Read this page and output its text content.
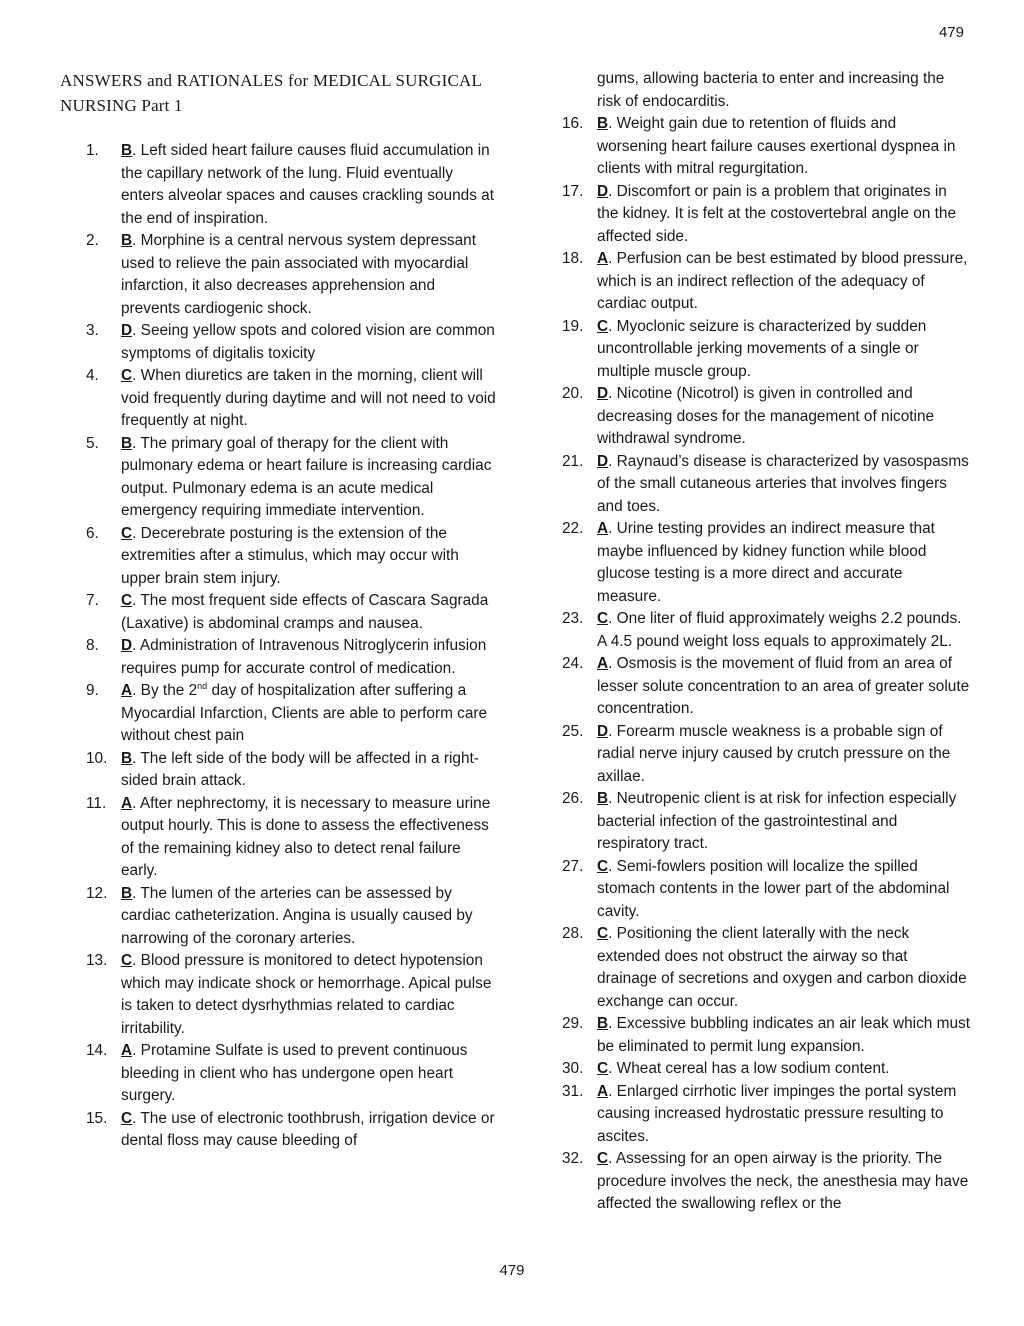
479
ANSWERS and RATIONALES for MEDICAL SURGICAL
NURSING Part 1
1.	B. Left sided heart failure causes fluid accumulation in the capillary network of the lung. Fluid eventually enters alveolar spaces and causes crackling sounds at the end of inspiration.
2.	B. Morphine is a central nervous system depressant used to relieve the pain associated with myocardial infarction, it also decreases apprehension and prevents cardiogenic shock.
3.	D. Seeing yellow spots and colored vision are common symptoms of digitalis toxicity
4.	C. When diuretics are taken in the morning, client will void frequently during daytime and will not need to void frequently at night.
5.	B. The primary goal of therapy for the client with pulmonary edema or heart failure is increasing cardiac output. Pulmonary edema is an acute medical emergency requiring immediate intervention.
6.	C. Decerebrate posturing is the extension of the extremities after a stimulus, which may occur with upper brain stem injury.
7.	C. The most frequent side effects of Cascara Sagrada (Laxative) is abdominal cramps and nausea.
8.	D. Administration of Intravenous Nitroglycerin infusion requires pump for accurate control of medication.
9.	A. By the 2nd day of hospitalization after suffering a Myocardial Infarction, Clients are able to perform care without chest pain
10. B. The left side of the body will be affected in a right-sided brain attack.
11. A. After nephrectomy, it is necessary to measure urine output hourly. This is done to assess the effectiveness of the remaining kidney also to detect renal failure early.
12. B. The lumen of the arteries can be assessed by cardiac catheterization. Angina is usually caused by narrowing of the coronary arteries.
13. C. Blood pressure is monitored to detect hypotension which may indicate shock or hemorrhage. Apical pulse is taken to detect dysrhythmias related to cardiac irritability.
14. A. Protamine Sulfate is used to prevent continuous bleeding in client who has undergone open heart surgery.
15. C. The use of electronic toothbrush, irrigation device or dental floss may cause bleeding of
gums, allowing bacteria to enter and increasing the risk of endocarditis.
16. B. Weight gain due to retention of fluids and worsening heart failure causes exertional dyspnea in clients with mitral regurgitation.
17. D. Discomfort or pain is a problem that originates in the kidney. It is felt at the costovertebral angle on the affected side.
18. A. Perfusion can be best estimated by blood pressure, which is an indirect reflection of the adequacy of cardiac output.
19. C. Myoclonic seizure is characterized by sudden uncontrollable jerking movements of a single or multiple muscle group.
20. D. Nicotine (Nicotrol) is given in controlled and decreasing doses for the management of nicotine withdrawal syndrome.
21. D. Raynaud’s disease is characterized by vasospasms of the small cutaneous arteries that involves fingers and toes.
22. A. Urine testing provides an indirect measure that maybe influenced by kidney function while blood glucose testing is a more direct and accurate measure.
23. C. One liter of fluid approximately weighs 2.2 pounds. A 4.5 pound weight loss equals to approximately 2L.
24. A. Osmosis is the movement of fluid from an area of lesser solute concentration to an area of greater solute concentration.
25. D. Forearm muscle weakness is a probable sign of radial nerve injury caused by crutch pressure on the axillae.
26. B. Neutropenic client is at risk for infection especially bacterial infection of the gastrointestinal and respiratory tract.
27. C. Semi-fowlers position will localize the spilled stomach contents in the lower part of the abdominal cavity.
28. C. Positioning the client laterally with the neck extended does not obstruct the airway so that drainage of secretions and oxygen and carbon dioxide exchange can occur.
29. B. Excessive bubbling indicates an air leak which must be eliminated to permit lung expansion.
30. C. Wheat cereal has a low sodium content.
31. A. Enlarged cirrhotic liver impinges the portal system causing increased hydrostatic pressure resulting to ascites.
32. C. Assessing for an open airway is the priority. The procedure involves the neck, the anesthesia may have affected the swallowing reflex or the
479
